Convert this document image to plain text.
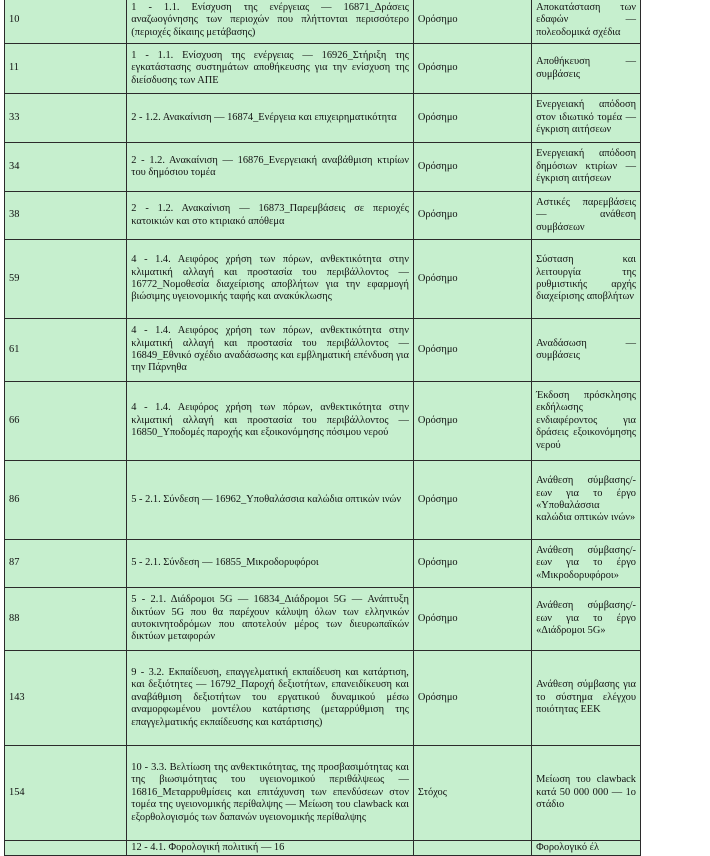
10	1 - 1.1. Ενίσχυση της ενέργειας — 16871_Δράσεις αναζωογόνησης των περιοχών που πλήττονται περισσότερο (περιοχές δίκαιης μετάβασης)	Ορόσημο	Αποκατάσταση των εδαφών — πολεοδομικά σχέδια
11	1 - 1.1. Ενίσχυση της ενέργειας — 16926_Στήριξη της εγκατάστασης συστημάτων αποθήκευσης για την ενίσχυση της διείσδυσης των ΑΠΕ	Ορόσημο	Αποθήκευση — συμβάσεις
33	2 - 1.2. Ανακαίνιση — 16874_Ενέργεια και επιχειρηματικότητα	Ορόσημο	Ενεργειακή απόδοση στον ιδιωτικό τομέα — έγκριση αιτήσεων
34	2 - 1.2. Ανακαίνιση — 16876_Ενεργειακή αναβάθμιση κτιρίων του δημόσιου τομέα	Ορόσημο	Ενεργειακή απόδοση δημόσιων κτιρίων — έγκριση αιτήσεων
38	2 - 1.2. Ανακαίνιση — 16873_Παρεμβάσεις σε περιοχές κατοικιών και στο κτιριακό απόθεμα	Ορόσημο	Αστικές παρεμβάσεις — ανάθεση συμβάσεων
59	4 - 1.4. Αειφόρος χρήση των πόρων, ανθεκτικότητα στην κλιματική αλλαγή και προστασία του περιβάλλοντος — 16772_Νομοθεσία διαχείρισης αποβλήτων για την εφαρμογή βιώσιμης υγειονομικής ταφής και ανακύκλωσης	Ορόσημο	Σύσταση και λειτουργία της ρυθμιστικής αρχής διαχείρισης αποβλήτων
61	4 - 1.4. Αειφόρος χρήση των πόρων, ανθεκτικότητα στην κλιματική αλλαγή και προστασία του περιβάλλοντος — 16849_Εθνικό σχέδιο αναδάσωσης και εμβληματική επένδυση για την Πάρνηθα	Ορόσημο	Αναδάσωση — συμβάσεις
66	4 - 1.4. Αειφόρος χρήση των πόρων, ανθεκτικότητα στην κλιματική αλλαγή και προστασία του περιβάλλοντος — 16850_Υποδομές παροχής και εξοικονόμησης πόσιμου νερού	Ορόσημο	Έκδοση πρόσκλησης εκδήλωσης ενδιαφέροντος για δράσεις εξοικονόμησης νερού
86	5 - 2.1. Σύνδεση — 16962_Υποθαλάσσια καλώδια οπτικών ινών	Ορόσημο	Ανάθεση σύμβασης/-εων για το έργο «Υποθαλάσσια καλώδια οπτικών ινών»
87	5 - 2.1. Σύνδεση — 16855_Μικροδορυφόροι	Ορόσημο	Ανάθεση σύμβασης/-εων για το έργο «Μικροδορυφόροι»
88	5 - 2.1. Διάδρομοι 5G — 16834_Διάδρομοι 5G — Ανάπτυξη δικτύων 5G που θα παρέχουν κάλυψη όλων των ελληνικών αυτοκινητοδρόμων που αποτελούν μέρος των διευρωπαϊκών δικτύων μεταφορών	Ορόσημο	Ανάθεση σύμβασης/-εων για το έργο «Διάδρομοι 5G»
143	9 - 3.2. Εκπαίδευση, επαγγελματική εκπαίδευση και κατάρτιση, και δεξιότητες — 16792_Παροχή δεξιοτήτων, επανειδίκευση και αναβάθμιση δεξιοτήτων του εργατικού δυναμικού μέσω αναμορφωμένου μοντέλου κατάρτισης (μεταρρύθμιση της επαγγελματικής εκπαίδευσης και κατάρτισης)	Ορόσημο	Ανάθεση σύμβασης για το σύστημα ελέγχου ποιότητας ΕΕΚ
154	10 - 3.3. Βελτίωση της ανθεκτικότητας, της προσβασιμότητας και της βιωσιμότητας του υγειονομικού περιθάλψεως — 16816_Μεταρρυθμίσεις και επιτάχυνση των επενδύσεων στον τομέα της υγειονομικής περίθαλψης — Μείωση του clawback και εξορθολογισμός των δαπανών υγειονομικής περίθαλψης	Στόχος	Μείωση του clawback κατά 50 000 000 — 1ο στάδιο
	12 - 4.1. Φορολογική πολιτική — 16		Φορολογικό έλ
